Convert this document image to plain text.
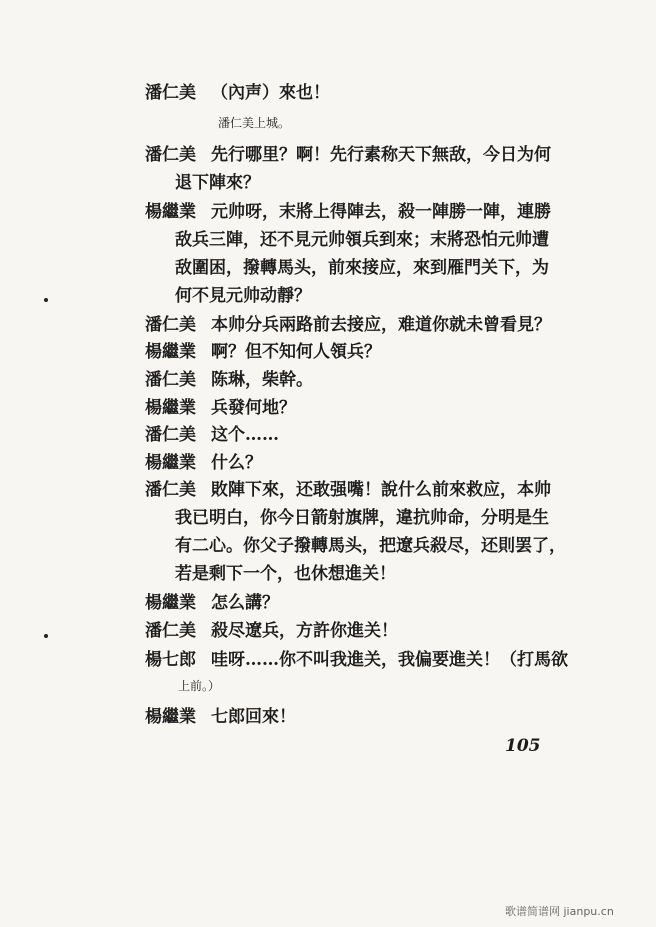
潘仁美 （內声）來也！
潘仁美上城。
潘仁美 先行哪里？啊！先行素称天下無敌，今日为何
退下陣來？
楊繼業 元帅呀，末將上得陣去，殺一陣勝一陣，連勝
敌兵三陣，还不見元帅領兵到來；末將恐怕元帅遭
敌圍困，撥轉馬头，前來接应，來到雁門关下，为
何不見元帅动靜？
潘仁美 本帅分兵兩路前去接应，难道你就未曾看見？
楊繼業 啊？但不知何人領兵？
潘仁美 陈琳，柴幹。
楊繼業 兵發何地？
潘仁美 这个……
楊繼業 什么？
潘仁美 敗陣下來，还敢强嘴！說什么前來救应，本帅
我已明白，你今日箭射旗牌，違抗帅命，分明是生
有二心。你父子撥轉馬头，把遼兵殺尽，还則罢了，
若是剩下一个，也休想進关！
楊繼業 怎么講？
潘仁美 殺尽遼兵，方許你進关！
楊七郎 哇呀……你不叫我進关，我偏要進关！（打馬欲
上前。）
楊繼業 七郎回來！
105
歌谱简谱网 jianpu.cn
